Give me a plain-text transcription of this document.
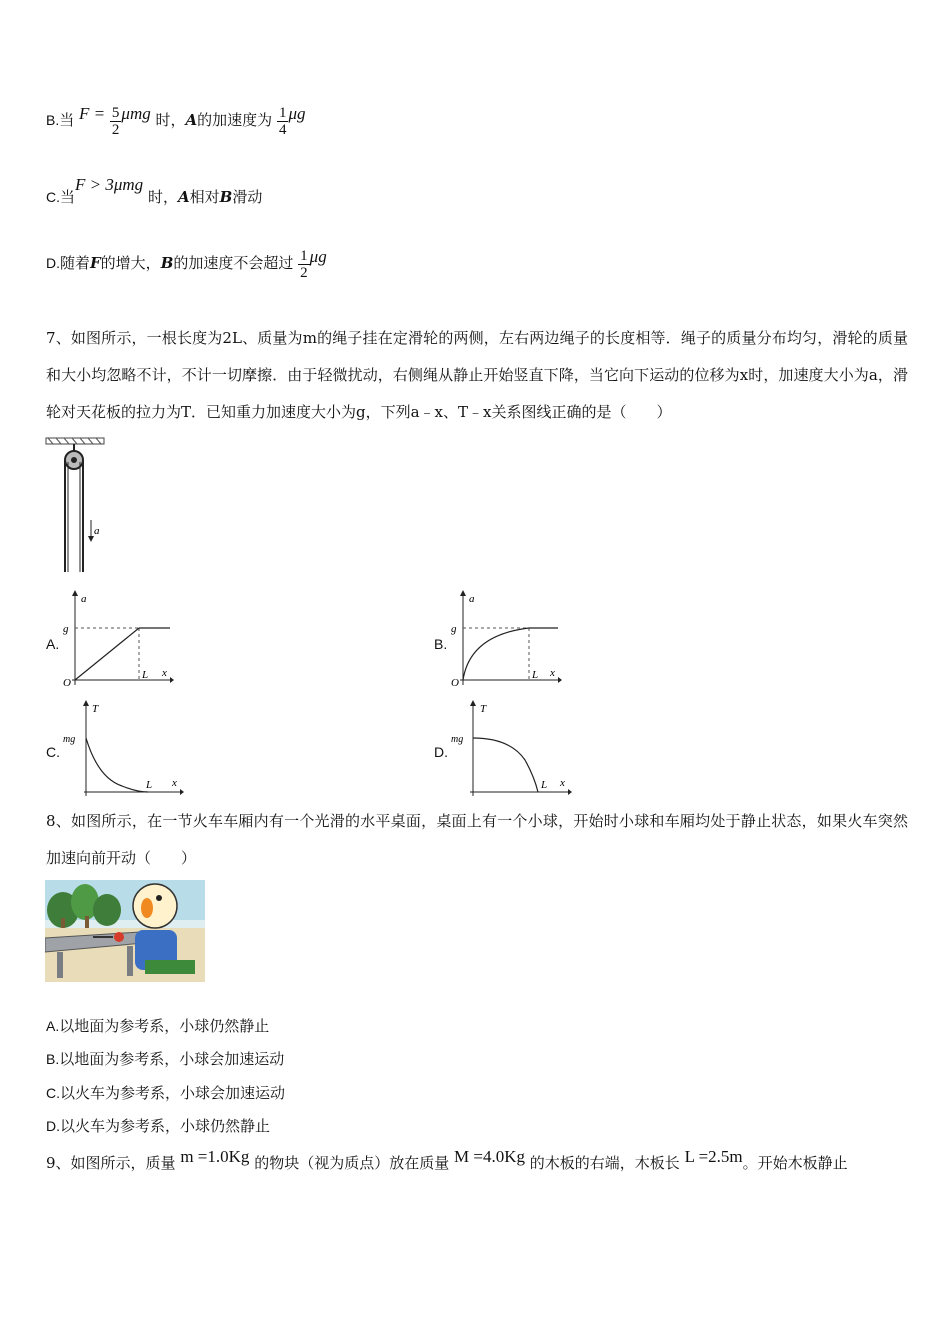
B.当 $F = \frac{5}{2}$ μmg 时，A的加速度为 $\frac{1}{4}$ μg
C.当F > 3μmg 时，A相对B滑动
D.随着F的增大，B的加速度不会超过 $\frac{1}{2}$ μg
7、如图所示，一根长度为2L、质量为m的绳子挂在定滑轮的两侧，左右两边绳子的长度相等．绳子的质量分布均匀，滑轮的质量和大小均忽略不计，不计一切摩擦．由于轻微扰动，右侧绳从静止开始竖直下降，当它向下运动的位移为x时，加速度大小为a，滑轮对天花板的拉力为T．已知重力加速度大小为g，下列a﹣x、T﹣x关系图线正确的是（　　）
a
A.
a
g
O
L x
B.
a
g
O
L x
C.
T
mg
L x
D.
T
mg
L x
8、如图所示，在一节火车车厢内有一个光滑的水平桌面，桌面上有一个小球，开始时小球和车厢均处于静止状态，如果火车突然加速向前开动（　　）
A.以地面为参考系，小球仍然静止
B.以地面为参考系，小球会加速运动
C.以火车为参考系，小球会加速运动
D.以火车为参考系，小球仍然静止
9、如图所示，质量 m =1.0Kg 的物块（视为质点）放在质量 M =4.0Kg 的木板的右端，木板长 L =2.5m。开始木板静止
